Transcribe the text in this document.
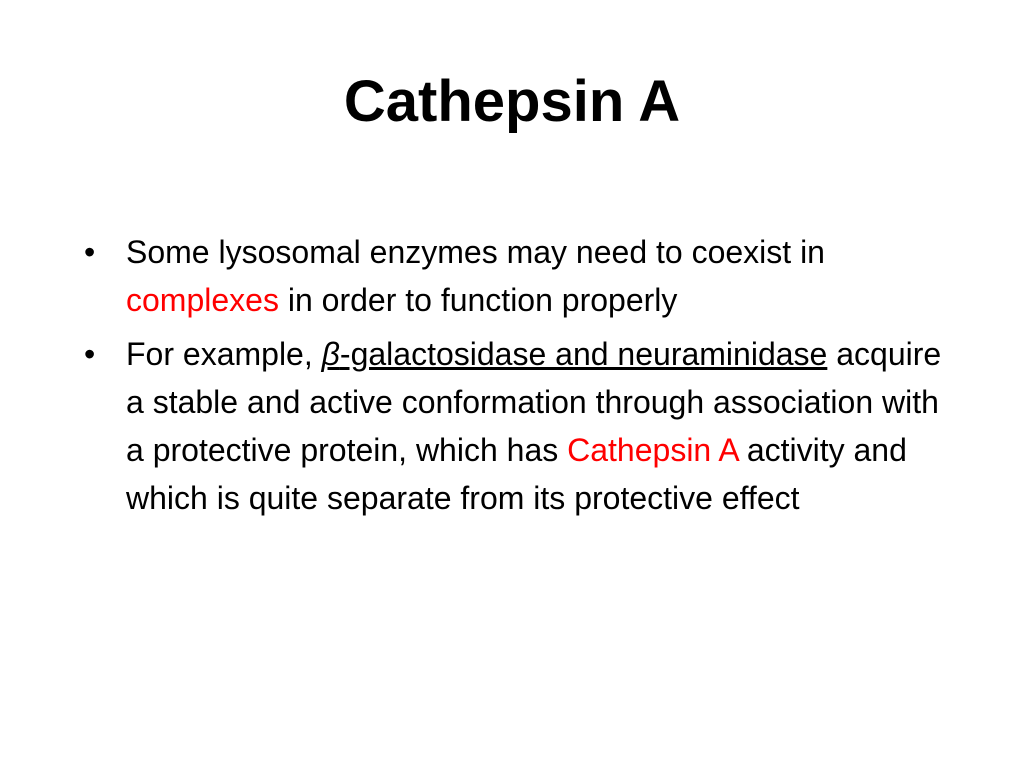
Cathepsin A
• Some lysosomal enzymes may need to coexist in complexes in order to function properly
• For example, β-galactosidase and neuraminidase acquire a stable and active conformation through association with a protective protein, which has Cathepsin A activity and which is quite separate from its protective effect
